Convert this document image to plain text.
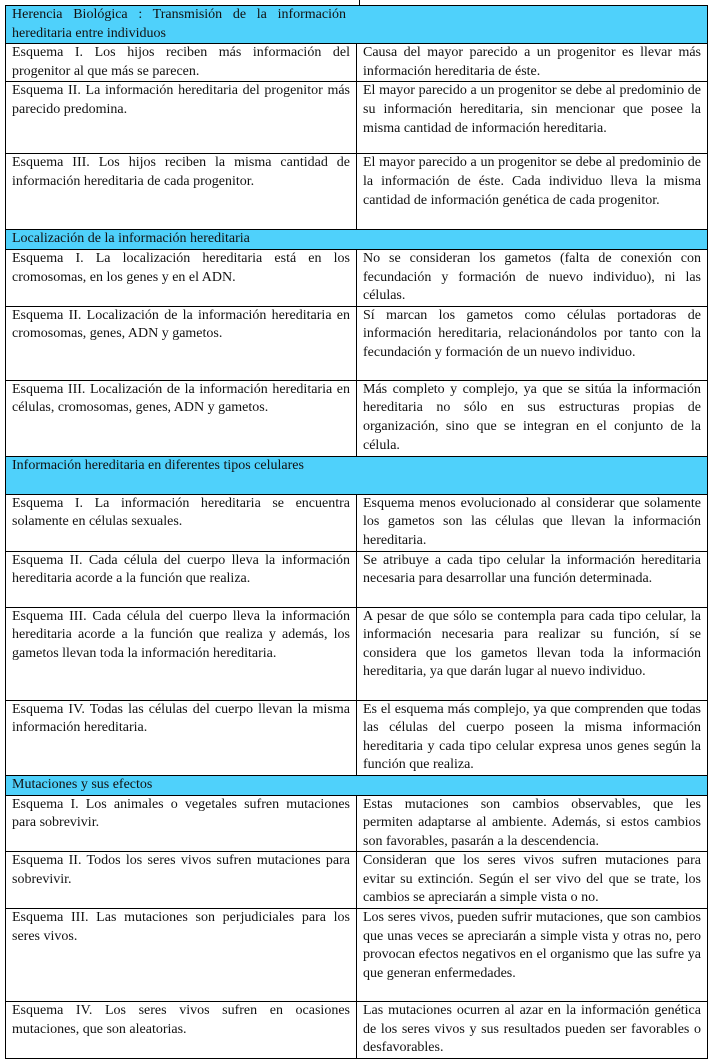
Herencia Biológica : Transmisión de la información hereditaria entre individuos	

Esquema I. Los hijos reciben más información del progenitor al que más se parecen.	Causa del mayor parecido a un progenitor es llevar más información hereditaria de éste.
Esquema II. La información hereditaria del progenitor más parecido predomina.	El mayor parecido a un progenitor se debe al predominio de su información hereditaria, sin mencionar que posee la misma cantidad de información hereditaria.
Esquema III. Los hijos reciben la misma cantidad de información hereditaria de cada progenitor.	El mayor parecido a un progenitor se debe al predominio de la información de éste. Cada individuo lleva la misma cantidad de información genética de cada progenitor.

Localización de la información hereditaria	

Esquema I. La localización hereditaria está en los cromosomas, en los genes y en el ADN.	No se consideran los gametos (falta de conexión con fecundación y formación de nuevo individuo), ni las células.
Esquema II. Localización de la información hereditaria en cromosomas, genes, ADN y gametos.	Sí marcan los gametos como células portadoras de información hereditaria, relacionándolos por tanto con la fecundación y formación de un nuevo individuo.
Esquema III. Localización de la información hereditaria en células, cromosomas, genes, ADN y gametos.	Más completo y complejo, ya que se sitúa la información hereditaria no sólo en sus estructuras propias de organización, sino que se integran en el conjunto de la célula.

Información hereditaria en diferentes tipos celulares	

Esquema I. La información hereditaria se encuentra solamente en células sexuales.	Esquema menos evolucionado al considerar que solamente los gametos son las células que llevan la información hereditaria.
Esquema II. Cada célula del cuerpo lleva la información hereditaria acorde a la función que realiza.	Se atribuye a cada tipo celular la información hereditaria necesaria para desarrollar una función determinada.
Esquema III. Cada célula del cuerpo lleva la información hereditaria acorde a la función que realiza y además, los gametos llevan toda la información hereditaria.	A pesar de que sólo se contempla para cada tipo celular, la información necesaria para realizar su función, sí se considera que los gametos llevan toda la información hereditaria, ya que darán lugar al nuevo individuo.
Esquema IV. Todas las células del cuerpo llevan la misma información hereditaria.	Es el esquema más complejo, ya que comprenden que todas las células del cuerpo poseen la misma información hereditaria y cada tipo celular expresa unos genes según la función que realiza.

Mutaciones y sus efectos	

Esquema I. Los animales o vegetales sufren mutaciones para sobrevivir.	Estas mutaciones son cambios observables, que les permiten adaptarse al ambiente. Además, si estos cambios son favorables, pasarán a la descendencia.
Esquema II. Todos los seres vivos sufren mutaciones para sobrevivir.	Consideran que los seres vivos sufren mutaciones para evitar su extinción. Según el ser vivo del que se trate, los cambios se apreciarán a simple vista o no.
Esquema III. Las mutaciones son perjudiciales para los seres vivos.	Los seres vivos, pueden sufrir mutaciones, que son cambios que unas veces se apreciarán a simple vista y otras no, pero provocan efectos negativos en el organismo que las sufre ya que generan enfermedades.
Esquema IV. Los seres vivos sufren en ocasiones mutaciones, que son aleatorias.	Las mutaciones ocurren al azar en la información genética de los seres vivos y sus resultados pueden ser favorables o desfavorables.
